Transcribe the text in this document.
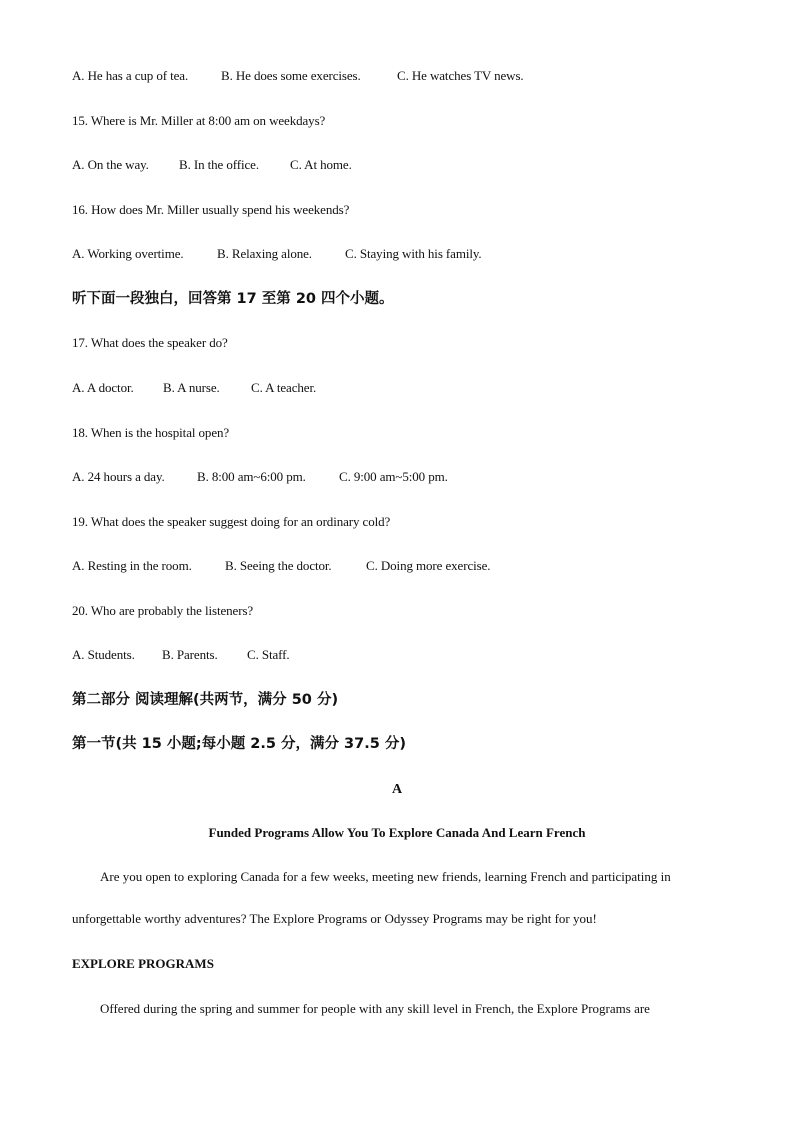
A. He has a cup of tea.	B. He does some exercises.	C. He watches TV news.
15. Where is Mr. Miller at 8:00 am on weekdays?
A. On the way. B. In the office. C. At home.
16. How does Mr. Miller usually spend his weekends?
A. Working overtime.	B. Relaxing alone.	C. Staying with his family.
听下面一段独白，回答第 17 至第 20 四个小题。
17. What does the speaker do?
A. A doctor. B. A nurse. C. A teacher.
18. When is the hospital open?
A. 24 hours a day. B. 8:00 am~6:00 pm.	C. 9:00 am~5:00 pm.
19. What does the speaker suggest doing for an ordinary cold?
A. Resting in the room.	B. Seeing the doctor.	C. Doing more exercise.
20. Who are probably the listeners?
A. Students. B. Parents. C. Staff.
第二部分 阅读理解(共两节，满分 50 分)
第一节(共 15 小题;每小题 2.5 分，满分 37.5 分)
A
Funded Programs Allow You To Explore Canada And Learn French
Are you open to exploring Canada for a few weeks, meeting new friends, learning French and participating in
unforgettable worthy adventures? The Explore Programs or Odyssey Programs may be right for you!
EXPLORE PROGRAMS
Offered during the spring and summer for people with any skill level in French, the Explore Programs are
